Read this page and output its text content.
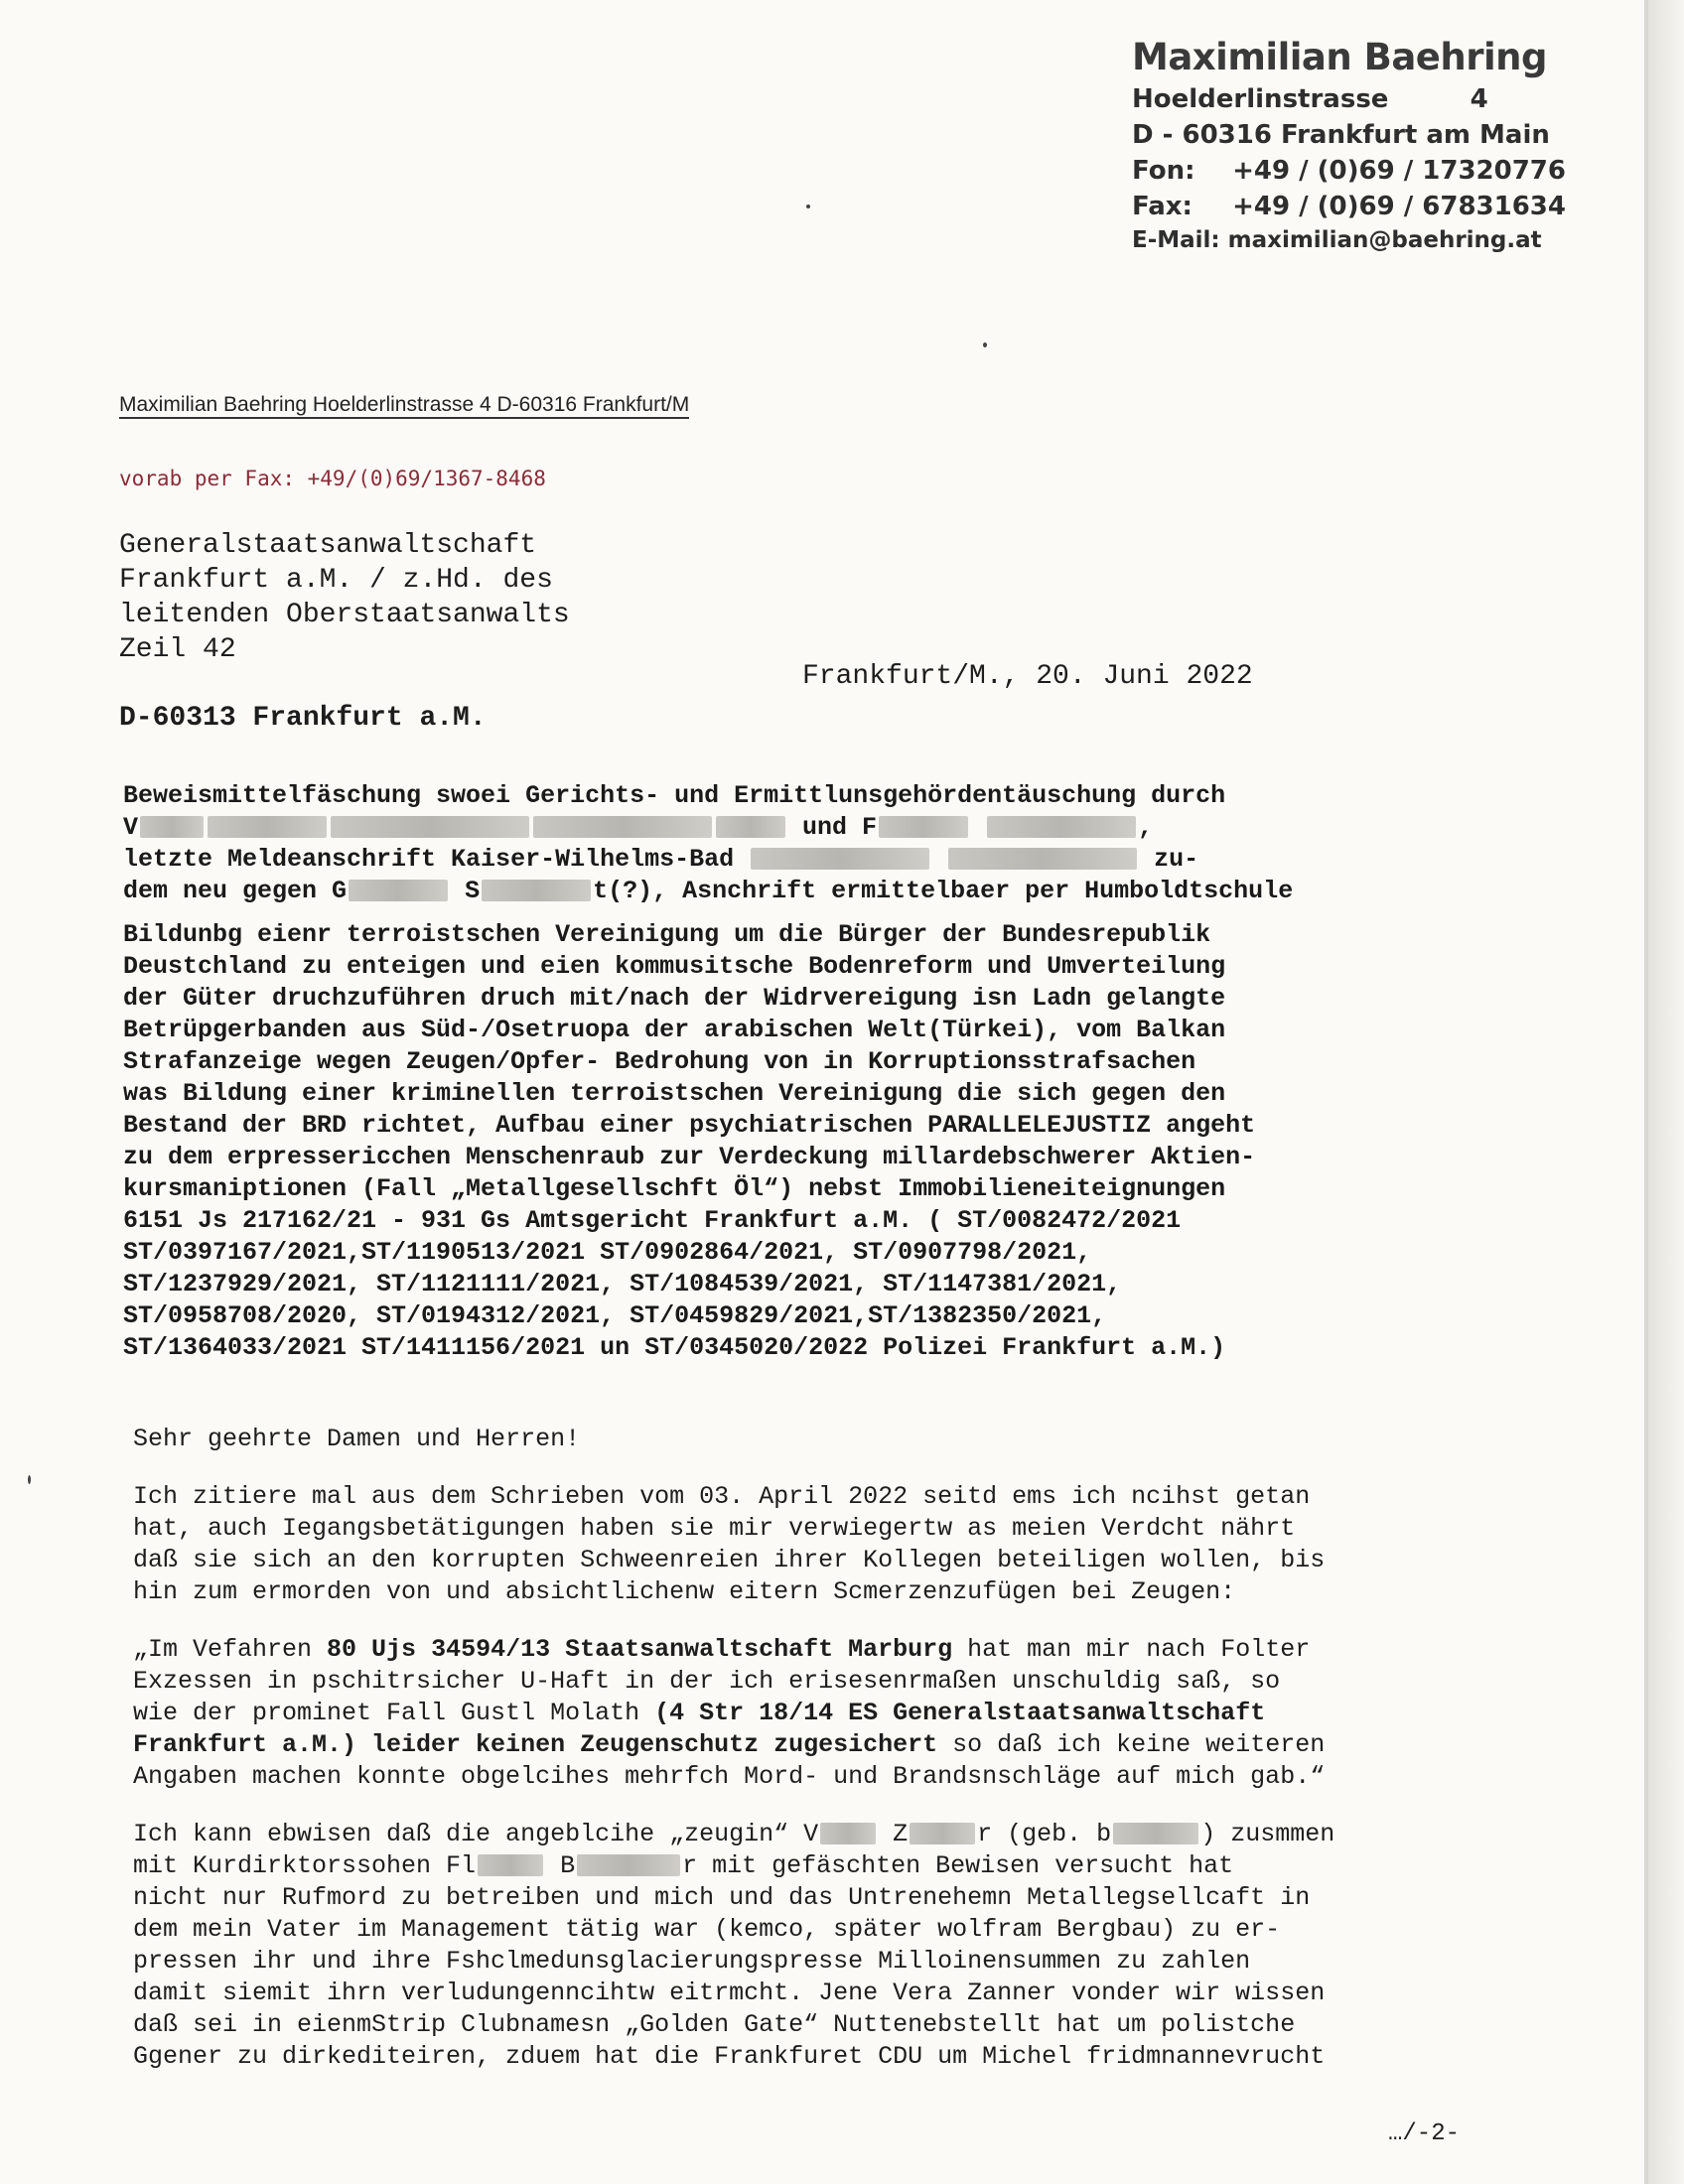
Maximilian Baehring
Hoelderlinstrasse	4
D - 60316 Frankfurt am Main
Fon: +49 / (0)69 / 17320776
Fax: +49 / (0)69 / 67831634
E-Mail: maximilian@baehring.at
Maximilian Baehring Hoelderlinstrasse 4 D-60316 Frankfurt/M
vorab per Fax: +49/(0)69/1367-8468
Generalstaatsanwaltschaft
Frankfurt a.M. / z.Hd. des
leitenden Oberstaatsanwalts
Zeil 42
Frankfurt/M., 20. Juni 2022
D-60313 Frankfurt a.M.

Beweismittelfäschung swoei Gerichts- und Ermittlunsgehördentäuschung durch
V	und F	,
letzte Meldeanschrift Kaiser-Wilhelms-Bad	zu-
dem neu gegen G	S	t(?), Asnchrift ermittelbaer per Humboldtschule

Bildunbg eienr terroistschen Vereinigung um die Bürger der Bundesrepublik
Deustchland zu enteigen und eien kommusitsche Bodenreform und Umverteilung
der Güter druchzuführen druch mit/nach der Widrvereigung isn Ladn gelangte
Betrüpgerbanden aus Süd-/Osetruopa der arabischen Welt(Türkei), vom Balkan
Strafanzeige wegen Zeugen/Opfer- Bedrohung von in Korruptionsstrafsachen
was Bildung einer kriminellen terroistschen Vereinigung die sich gegen den
Bestand der BRD richtet, Aufbau einer psychiatrischen PARALLELEJUSTIZ angeht
zu dem erpressericchen Menschenraub zur Verdeckung millardebschwerer Aktien-
kursmaniptionen (Fall „Metallgesellschft Öl“) nebst Immobilieneiteignungen
6151 Js 217162/21 - 931 Gs Amtsgericht Frankfurt a.M. ( ST/0082472/2021
ST/0397167/2021,ST/1190513/2021 ST/0902864/2021, ST/0907798/2021,
ST/1237929/2021, ST/1121111/2021, ST/1084539/2021, ST/1147381/2021,
ST/0958708/2020, ST/0194312/2021, ST/0459829/2021,ST/1382350/2021,
ST/1364033/2021 ST/1411156/2021 un ST/0345020/2022 Polizei Frankfurt a.M.)

Sehr geehrte Damen und Herren!

Ich zitiere mal aus dem Schrieben vom 03. April 2022 seitd ems ich ncihst getan
hat, auch Iegangsbetätigungen haben sie mir verwiegertw as meien Verdcht nährt
daß sie sich an den korrupten Schweenreien ihrer Kollegen beteiligen wollen, bis
hin zum ermorden von und absichtlichenw eitern Scmerzenzufügen bei Zeugen:

„Im Vefahren 80 Ujs 34594/13 Staatsanwaltschaft Marburg hat man mir nach Folter
Exzessen in pschitrsicher U-Haft in der ich erisesenrmaßen unschuldig saß, so
wie der prominet Fall Gustl Molath (4 Str 18/14 ES Generalstaatsanwaltschaft
Frankfurt a.M.) leider keinen Zeugenschutz zugesichert so daß ich keine weiteren
Angaben machen konnte obgelcihes mehrfch Mord- und Brandsnschläge auf mich gab.“

Ich kann ebwisen daß die angeblcihe „zeugin“ V	Z	r (geb. b	) zusmmen
mit Kurdirktorssohen Fl	B	r mit gefäschten Bewisen versucht hat
nicht nur Rufmord zu betreiben und mich und das Untrenehemn Metallegsellcaft in
dem mein Vater im Management tätig war (kemco, später wolfram Bergbau) zu er-
pressen ihr und ihre Fshclmedunsglacierungspresse Milloinensummen zu zahlen
damit siemit ihrn verludungenncihtw eitrmcht. Jene Vera Zanner vonder wir wissen
daß sei in eienmStrip Clubnamesn „Golden Gate“ Nuttenebstellt hat um polistche
Ggener zu dirkediteiren, zduem hat die Frankfuret CDU um Michel fridmnannevrucht

…/-2-
